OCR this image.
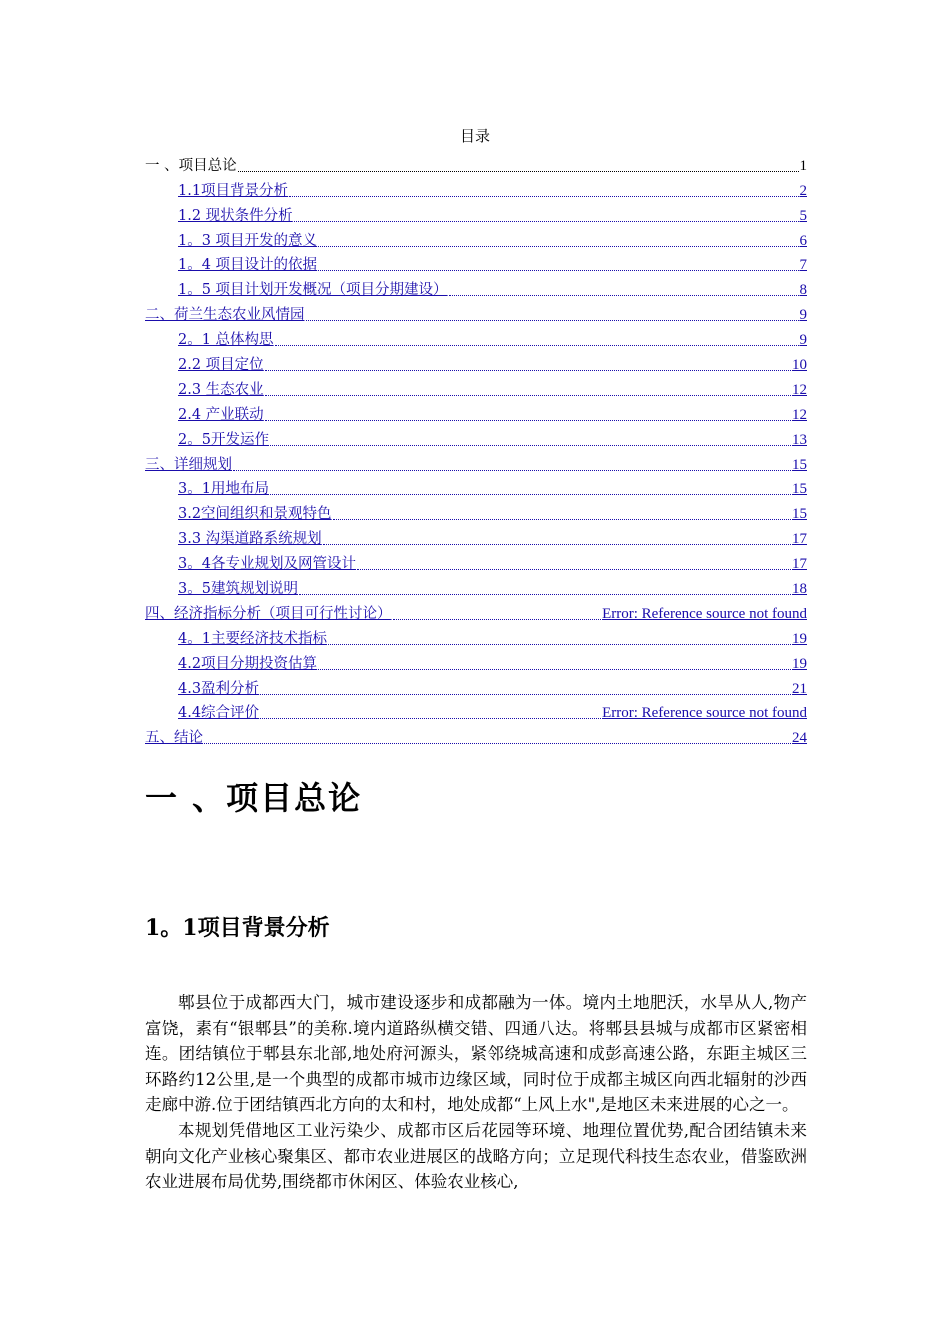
目录
一 、项目总论	1
1.1项目背景分析	2
1.2 现状条件分析	5
1。3 项目开发的意义	6
1。4 项目设计的依据	7
1。5 项目计划开发概况（项目分期建设）	8
二、荷兰生态农业风情园	9
2。1 总体构思	9
2.2 项目定位	10
2.3 生态农业	12
2.4 产业联动	12
2。5开发运作	13
三、详细规划	15
3。1用地布局	15
3.2空间组织和景观特色	15
3.3 沟渠道路系统规划	17
3。4各专业规划及网管设计	17
3。5建筑规划说明	18
四、经济指标分析（项目可行性讨论）	Error: Reference source not found
4。1主要经济技术指标	19
4.2项目分期投资估算	19
4.3盈利分析	21
4.4综合评价	Error: Reference source not found
五、结论	24
一 、项目总论
1。1项目背景分析

郫县位于成都西大门，城市建设逐步和成都融为一体。境内土地肥沃，水旱从人,物产富饶，素有“银郫县”的美称.境内道路纵横交错、四通八达。将郫县县城与成都市区紧密相连。团结镇位于郫县东北部,地处府河源头，紧邻绕城高速和成彭高速公路，东距主城区三环路约12公里,是一个典型的成都市城市边缘区域，同时位于成都主城区向西北辐射的沙西走廊中游.位于团结镇西北方向的太和村，地处成都“上风上水",是地区未来进展的心之一。

本规划凭借地区工业污染少、成都市区后花园等环境、地理位置优势,配合团结镇未来朝向文化产业核心聚集区、都市农业进展区的战略方向；立足现代科技生态农业，借鉴欧洲农业进展布局优势,围绕都市休闲区、体验农业核心,
